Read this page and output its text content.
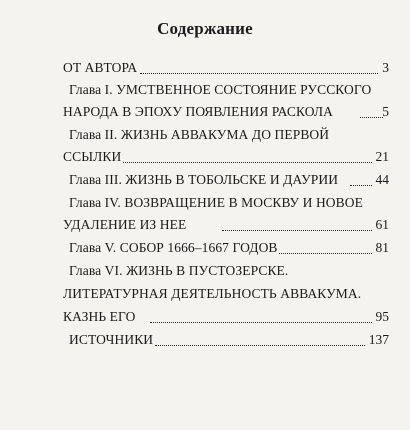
Содержание
ОТ АВТОРА	3
Глава I. УМСТВЕННОЕ СОСТОЯНИЕ РУССКОГО
НАРОДА В ЭПОХУ ПОЯВЛЕНИЯ РАСКОЛА	5
Глава II. ЖИЗНЬ АВВАКУМА ДО ПЕРВОЙ
ССЫЛКИ	21
Глава III. ЖИЗНЬ В ТОБОЛЬСКЕ И ДАУРИИ	44
Глава IV. ВОЗВРАЩЕНИЕ В МОСКВУ И НОВОЕ
УДАЛЕНИЕ ИЗ НЕЕ	61
Глава V. СОБОР 1666–1667 ГОДОВ	81
Глава VI. ЖИЗНЬ В ПУСТОЗЕРСКЕ.
ЛИТЕРАТУРНАЯ ДЕЯТЕЛЬНОСТЬ АВВАКУМА.
КАЗНЬ ЕГО	95
ИСТОЧНИКИ	137
